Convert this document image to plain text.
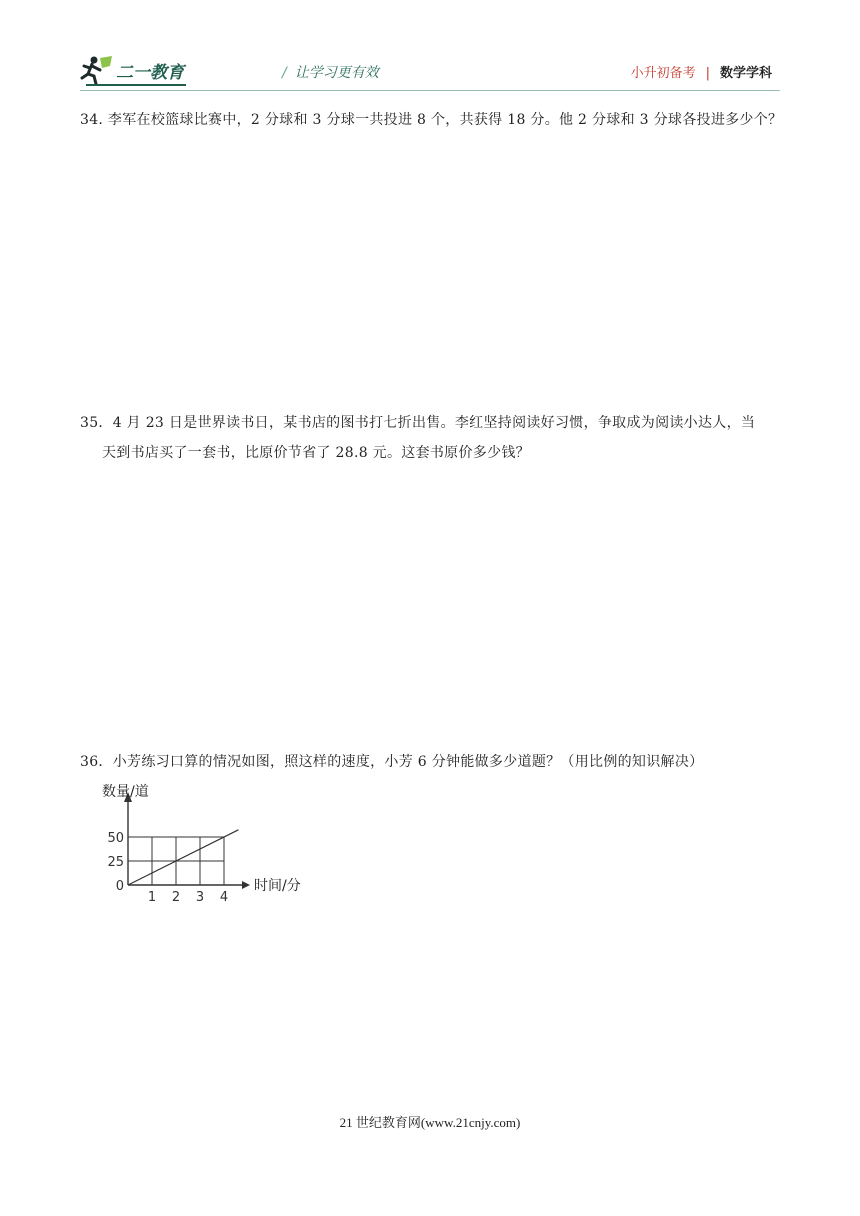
二一教育	/ 让学习更有效	小升初备考 | 数学学科
34. 李军在校篮球比赛中，2 分球和 3 分球一共投进 8 个，共获得 18 分。他 2 分球和 3 分球各投进多少个？
35．4 月 23 日是世界读书日，某书店的图书打七折出售。李红坚持阅读好习惯，争取成为阅读小达人，当
天到书店买了一套书，比原价节省了 28.8 元。这套书原价多少钱？
36．小芳练习口算的情况如图，照这样的速度，小芳 6 分钟能做多少道题？（用比例的知识解决）
1 2 3 4
0
25
50
数量/道
时间/分
21 世纪教育网(www.21cnjy.com)
